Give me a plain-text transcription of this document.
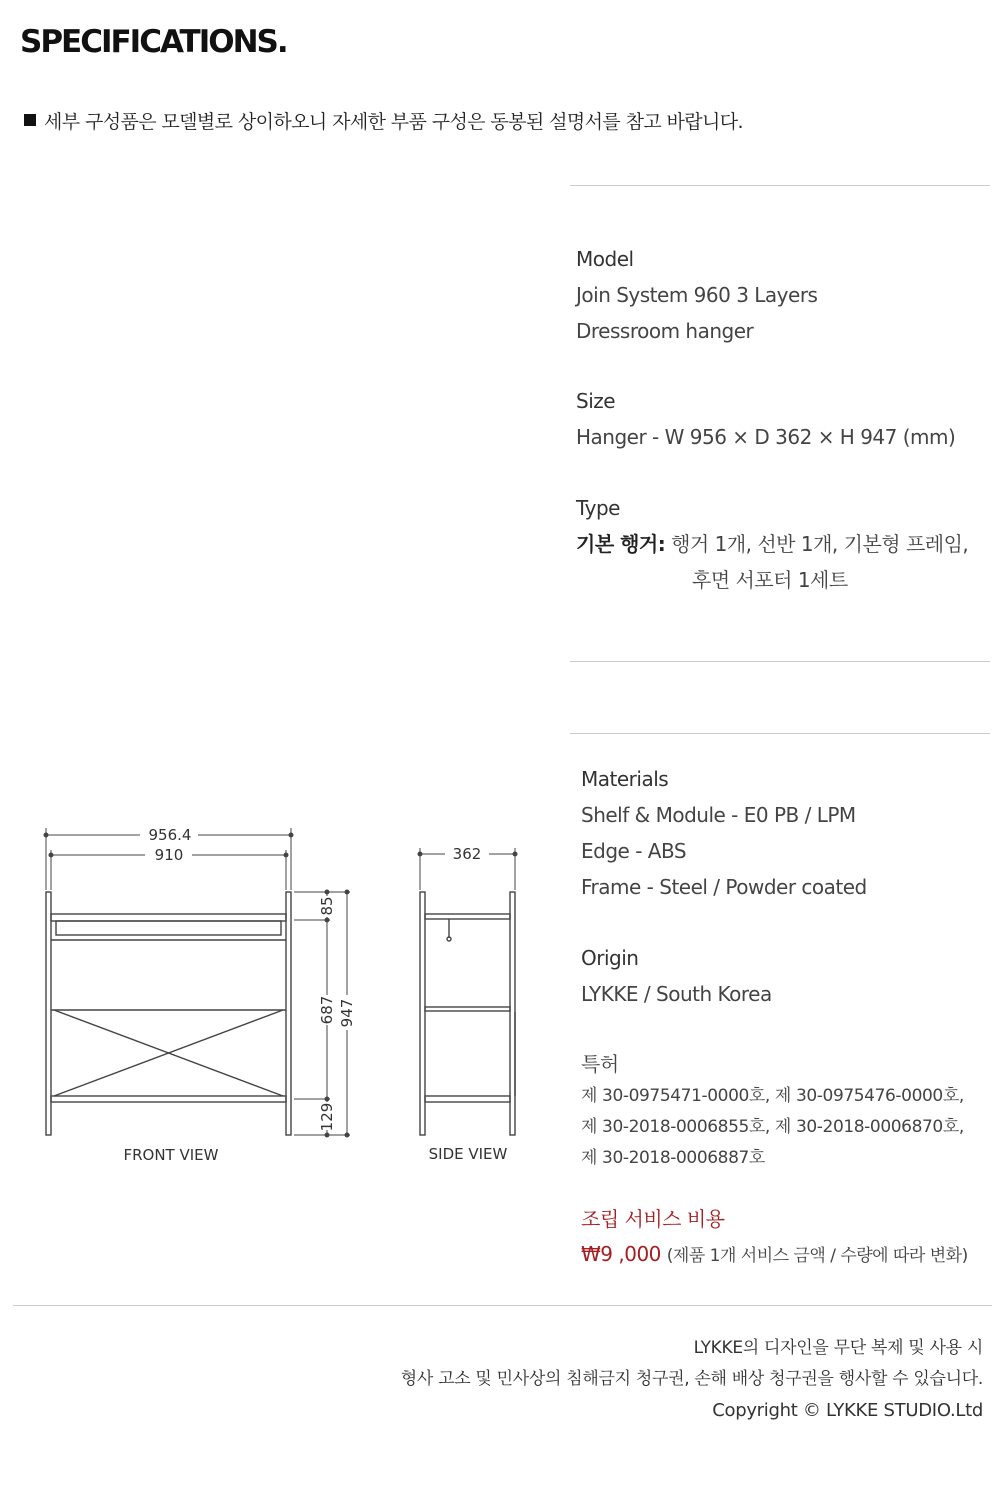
SPECIFICATIONS.
세부 구성품은 모델별로 상이하오니 자세한 부품 구성은 동봉된 설명서를 참고 바랍니다.
Model
Join System 960 3 Layers
Dressroom hanger
Size
Hanger - W 956 × D 362 × H 947 (mm)
Type
기본 행거: 행거 1개, 선반 1개, 기본형 프레임,
후면 서포터 1세트
Materials
Shelf & Module - E0 PB / LPM
Edge - ABS
Frame - Steel / Powder coated
Origin
LYKKE / South Korea
특허
제 30-0975471-0000호, 제 30-0975476-0000호,
제 30-2018-0006855호, 제 30-2018-0006870호,
제 30-2018-0006887호
조립 서비스 비용
₩9 ,000 (제품 1개 서비스 금액 / 수량에 따라 변화)
LYKKE의 디자인을 무단 복제 및 사용 시
형사 고소 및 민사상의 침해금지 청구권, 손해 배상 청구권을 행사할 수 있습니다.
Copyright © LYKKE STUDIO.Ltd
956.4
910
85
687 947
129
FRONT VIEW
362
SIDE VIEW
